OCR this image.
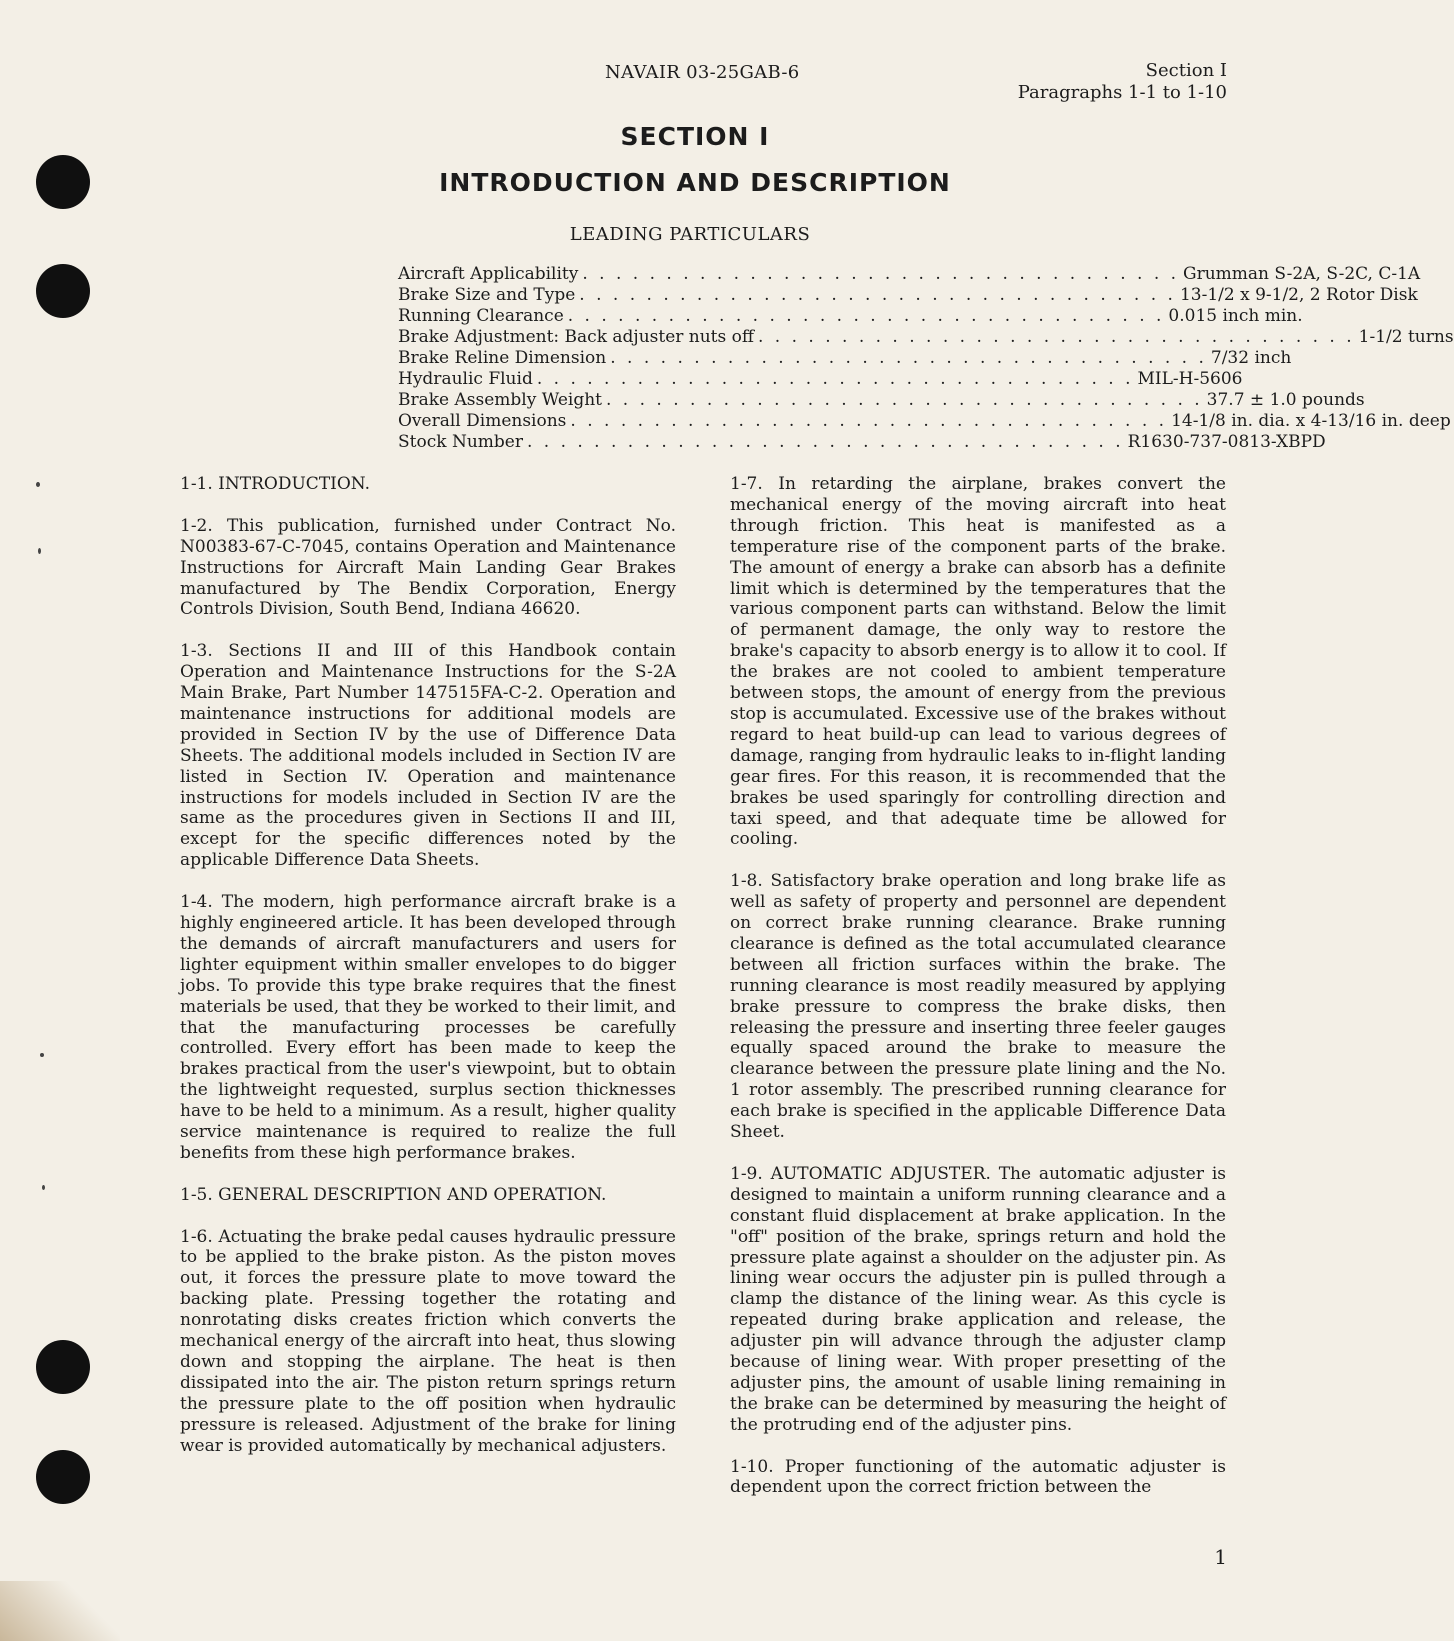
NAVAIR 03-25GAB-6	Section I
Paragraphs 1-1 to 1-10
SECTION I
INTRODUCTION AND DESCRIPTION
LEADING PARTICULARS
Aircraft Applicability . . . . . . . . . . . . . . . . . . . . . . . . . . . . . . . . . . . . Grumman S-2A, S-2C, C-1A
Brake Size and Type . . . . . . . . . . . . . . . . . . . . . . . . . . . . . . . . . . . . 13-1/2 x 9-1/2, 2 Rotor Disk
Running Clearance . . . . . . . . . . . . . . . . . . . . . . . . . . . . . . . . . . . . 0.015 inch min.
Brake Adjustment: Back adjuster nuts off . . . . . . . . . . . . . . . . . . . . . . . . . . . . . . . . . . . . 1-1/2 turns
Brake Reline Dimension . . . . . . . . . . . . . . . . . . . . . . . . . . . . . . . . . . . . 7/32 inch
Hydraulic Fluid . . . . . . . . . . . . . . . . . . . . . . . . . . . . . . . . . . . . MIL-H-5606
Brake Assembly Weight . . . . . . . . . . . . . . . . . . . . . . . . . . . . . . . . . . . . 37.7 ± 1.0 pounds
Overall Dimensions . . . . . . . . . . . . . . . . . . . . . . . . . . . . . . . . . . . . 14-1/8 in. dia. x 4-13/16 in. deep
Stock Number . . . . . . . . . . . . . . . . . . . . . . . . . . . . . . . . . . . . R1630-737-0813-XBPD

1-1. INTRODUCTION.

1-2. This publication, furnished under Contract No. N00383-67-C-7045, contains Operation and Maintenance Instructions for Aircraft Main Landing Gear Brakes manufactured by The Bendix Corporation, Energy Controls Division, South Bend, Indiana 46620.

1-3. Sections II and III of this Handbook contain Operation and Maintenance Instructions for the S-2A Main Brake, Part Number 147515FA-C-2. Operation and maintenance instructions for additional models are provided in Section IV by the use of Difference Data Sheets. The additional models included in Section IV are listed in Section IV. Operation and maintenance instructions for models included in Section IV are the same as the procedures given in Sections II and III, except for the specific differences noted by the applicable Difference Data Sheets.

1-4. The modern, high performance aircraft brake is a highly engineered article. It has been developed through the demands of aircraft manufacturers and users for lighter equipment within smaller envelopes to do bigger jobs. To provide this type brake requires that the finest materials be used, that they be worked to their limit, and that the manufacturing processes be carefully controlled. Every effort has been made to keep the brakes practical from the user's viewpoint, but to obtain the lightweight requested, surplus section thicknesses have to be held to a minimum. As a result, higher quality service maintenance is required to realize the full benefits from these high performance brakes.

1-5. GENERAL DESCRIPTION AND OPERATION.

1-6. Actuating the brake pedal causes hydraulic pressure to be applied to the brake piston. As the piston moves out, it forces the pressure plate to move toward the backing plate. Pressing together the rotating and nonrotating disks creates friction which converts the mechanical energy of the aircraft into heat, thus slowing down and stopping the airplane. The heat is then dissipated into the air. The piston return springs return the pressure plate to the off position when hydraulic pressure is released. Adjustment of the brake for lining wear is provided automatically by mechanical adjusters.

1-7. In retarding the airplane, brakes convert the mechanical energy of the moving aircraft into heat through friction. This heat is manifested as a temperature rise of the component parts of the brake. The amount of energy a brake can absorb has a definite limit which is determined by the temperatures that the various component parts can withstand. Below the limit of permanent damage, the only way to restore the brake's capacity to absorb energy is to allow it to cool. If the brakes are not cooled to ambient temperature between stops, the amount of energy from the previous stop is accumulated. Excessive use of the brakes without regard to heat build-up can lead to various degrees of damage, ranging from hydraulic leaks to in-flight landing gear fires. For this reason, it is recommended that the brakes be used sparingly for controlling direction and taxi speed, and that adequate time be allowed for cooling.

1-8. Satisfactory brake operation and long brake life as well as safety of property and personnel are dependent on correct brake running clearance. Brake running clearance is defined as the total accumulated clearance between all friction surfaces within the brake. The running clearance is most readily measured by applying brake pressure to compress the brake disks, then releasing the pressure and inserting three feeler gauges equally spaced around the brake to measure the clearance between the pressure plate lining and the No. 1 rotor assembly. The prescribed running clearance for each brake is specified in the applicable Difference Data Sheet.

1-9. AUTOMATIC ADJUSTER. The automatic adjuster is designed to maintain a uniform running clearance and a constant fluid displacement at brake application. In the "off" position of the brake, springs return and hold the pressure plate against a shoulder on the adjuster pin. As lining wear occurs the adjuster pin is pulled through a clamp the distance of the lining wear. As this cycle is repeated during brake application and release, the adjuster pin will advance through the adjuster clamp because of lining wear. With proper presetting of the adjuster pins, the amount of usable lining remaining in the brake can be determined by measuring the height of the protruding end of the adjuster pins.

1-10. Proper functioning of the automatic adjuster is dependent upon the correct friction between the

1
